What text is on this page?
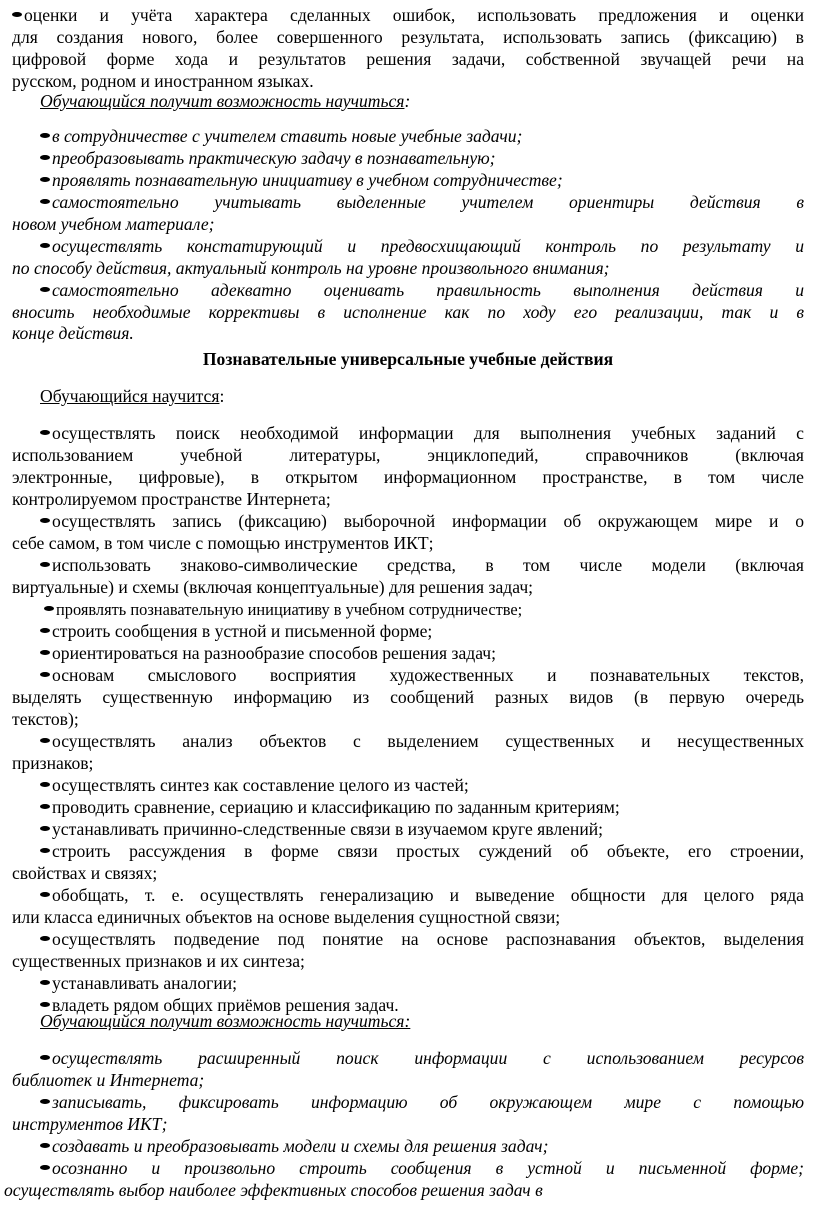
оценки и учёта характера сделанных ошибок, использовать предложения и оценки
для создания нового, более совершенного результата, использовать запись (фиксацию) в
цифровой форме хода и результатов решения задачи, собственной звучащей речи на
русском, родном и иностранном языках.
Обучающийся получит возможность научиться:
в сотрудничестве с учителем ставить новые учебные задачи;
преобразовывать практическую задачу в познавательную;
проявлять познавательную инициативу в учебном сотрудничестве;
самостоятельно учитывать выделенные учителем ориентиры действия в
новом учебном материале;
осуществлять констатирующий и предвосхищающий контроль по результату и
по способу действия, актуальный контроль на уровне произвольного внимания;
самостоятельно адекватно оценивать правильность выполнения действия и
вносить необходимые коррективы в исполнение как по ходу его реализации, так и в
конце действия.
Познавательные универсальные учебные действия
Обучающийся научится:
осуществлять поиск необходимой информации для выполнения учебных заданий с
использованием учебной литературы, энциклопедий, справочников (включая
электронные, цифровые), в открытом информационном пространстве, в том числе
контролируемом пространстве Интернета;
осуществлять запись (фиксацию) выборочной информации об окружающем мире и о
себе самом, в том числе с помощью инструментов ИКТ;
использовать знаково-символические средства, в том числе модели (включая
виртуальные) и схемы (включая концептуальные) для решения задач;
проявлять познавательную инициативу в учебном сотрудничестве;
строить сообщения в устной и письменной форме;
ориентироваться на разнообразие способов решения задач;
основам смыслового восприятия художественных и познавательных текстов,
выделять существенную информацию из сообщений разных видов (в первую очередь
текстов);
осуществлять анализ объектов с выделением существенных и несущественных
признаков;
осуществлять синтез как составление целого из частей;
проводить сравнение, сериацию и классификацию по заданным критериям;
устанавливать причинно-следственные связи в изучаемом круге явлений;
строить рассуждения в форме связи простых суждений об объекте, его строении,
свойствах и связях;
обобщать, т. е. осуществлять генерализацию и выведение общности для целого ряда
или класса единичных объектов на основе выделения сущностной связи;
осуществлять подведение под понятие на основе распознавания объектов, выделения
существенных признаков и их синтеза;
устанавливать аналогии;
владеть рядом общих приёмов решения задач.
Обучающийся получит возможность научиться:
осуществлять расширенный поиск информации с использованием ресурсов
библиотек и Интернета;
записывать, фиксировать информацию об окружающем мире с помощью
инструментов ИКТ;
создавать и преобразовывать модели и схемы для решения задач;
осознанно и произвольно строить сообщения в устной и письменной форме;
осуществлять выбор наиболее эффективных способов решения задач в
